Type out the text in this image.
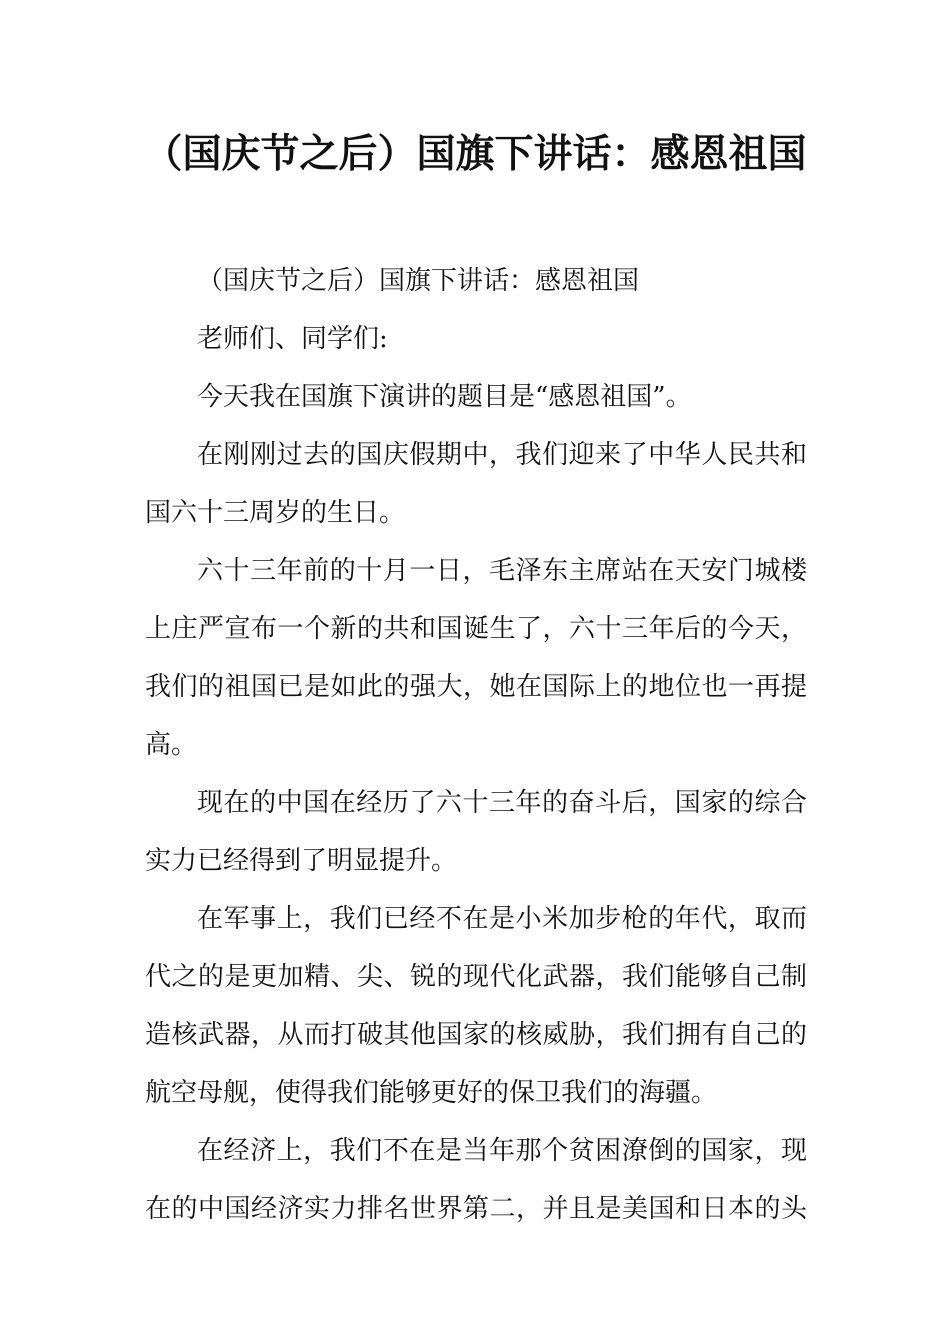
（国庆节之后）国旗下讲话：感恩祖国
（国庆节之后）国旗下讲话：感恩祖国
老师们、同学们:
今天我在国旗下演讲的题目是“感恩祖国”。
在刚刚过去的国庆假期中，我们迎来了中华人民共和
国六十三周岁的生日。
六十三年前的十月一日，毛泽东主席站在天安门城楼
上庄严宣布一个新的共和国诞生了，六十三年后的今天，
我们的祖国已是如此的强大，她在国际上的地位也一再提
高。
现在的中国在经历了六十三年的奋斗后，国家的综合
实力已经得到了明显提升。
在军事上，我们已经不在是小米加步枪的年代，取而
代之的是更加精、尖、锐的现代化武器，我们能够自己制
造核武器，从而打破其他国家的核威胁，我们拥有自己的
航空母舰，使得我们能够更好的保卫我们的海疆。
在经济上，我们不在是当年那个贫困潦倒的国家，现
在的中国经济实力排名世界第二，并且是美国和日本的头
